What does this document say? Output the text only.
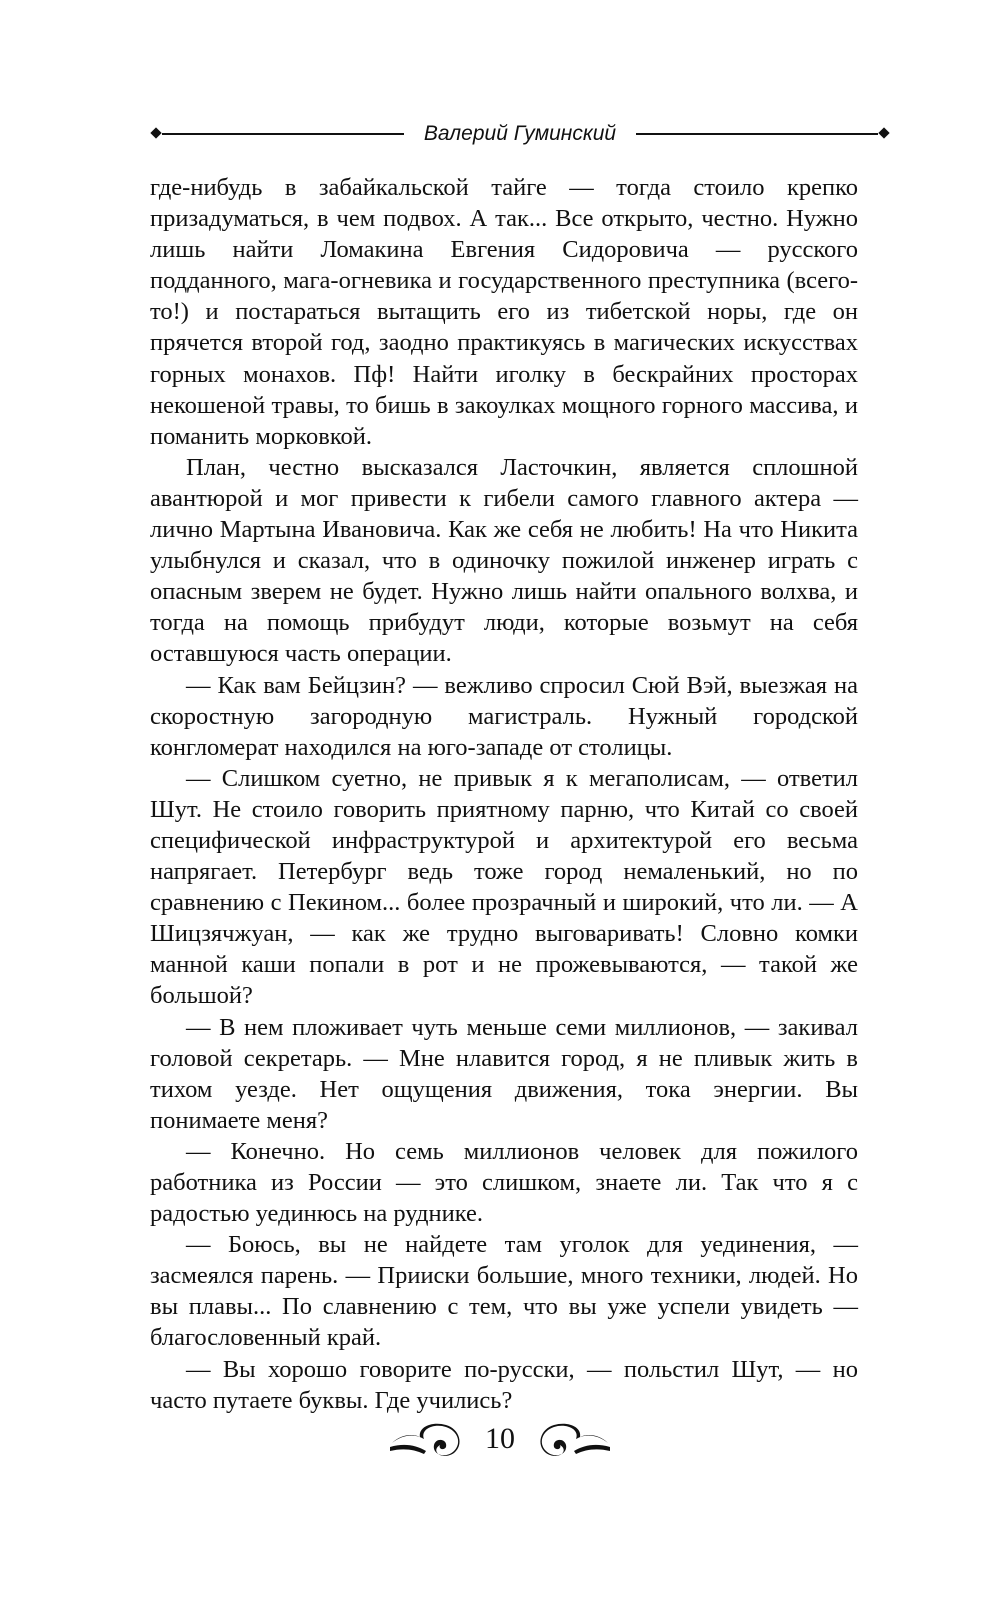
Валерий Гуминский

где-нибудь в забайкальской тайге — тогда стоило крепко призадуматься, в чем подвох. А так... Все открыто, честно. Нужно лишь найти Ломакина Евгения Сидоровича — русского подданного, мага-огневика и государственного преступника (всего-то!) и постараться вытащить его из тибетской норы, где он прячется второй год, заодно практикуясь в магических искусствах горных монахов. Пф! Найти иголку в бескрайних просторах некошеной травы, то бишь в закоулках мощного горного массива, и поманить морковкой.

План, честно высказался Ласточкин, является сплошной авантюрой и мог привести к гибели самого главного актера — лично Мартына Ивановича. Как же себя не любить! На что Никита улыбнулся и сказал, что в одиночку пожилой инженер играть с опасным зверем не будет. Нужно лишь найти опального волхва, и тогда на помощь прибудут люди, которые возьмут на себя оставшуюся часть операции.

— Как вам Бейцзин? — вежливо спросил Сюй Вэй, выезжая на скоростную загородную магистраль. Нужный городской конгломерат находился на юго-западе от столицы.

— Слишком суетно, не привык я к мегаполисам, — ответил Шут. Не стоило говорить приятному парню, что Китай со своей специфической инфраструктурой и архитектурой его весьма напрягает. Петербург ведь тоже город немаленький, но по сравнению с Пекином... более прозрачный и широкий, что ли. — А Шицзячжуан, — как же трудно выговаривать! Словно комки манной каши попали в рот и не прожевываются, — такой же большой?

— В нем пложивает чуть меньше семи миллионов, — закивал головой секретарь. — Мне нлавится город, я не пливык жить в тихом уезде. Нет ощущения движения, тока энергии. Вы понимаете меня?

— Конечно. Но семь миллионов человек для пожилого работника из России — это слишком, знаете ли. Так что я с радостью уединюсь на руднике.

— Боюсь, вы не найдете там уголок для уединения, — засмеялся парень. — Прииски большие, много техники, людей. Но вы плавы... По славнению с тем, что вы уже успели увидеть — благословенный край.

— Вы хорошо говорите по-русски, — польстил Шут, — но часто путаете буквы. Где учились?

10
